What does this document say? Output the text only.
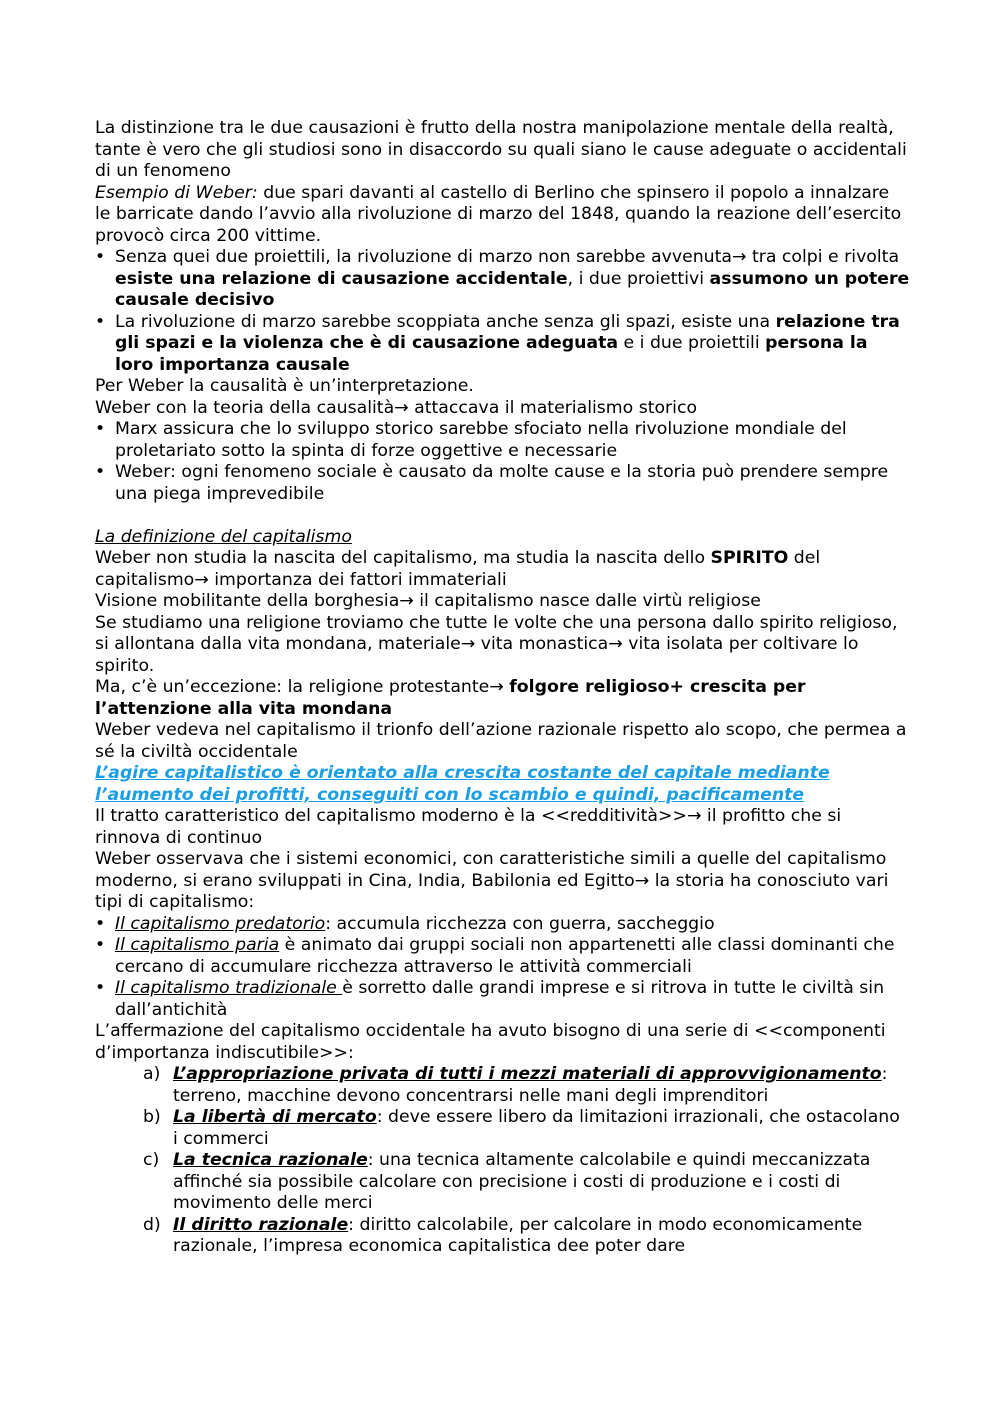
La distinzione tra le due causazioni è frutto della nostra manipolazione mentale della realtà, tante è vero che gli studiosi sono in disaccordo su quali siano le cause adeguate o accidentali di un fenomeno

Esempio di Weber: due spari davanti al castello di Berlino che spinsero il popolo a innalzare le barricate dando l’avvio alla rivoluzione di marzo del 1848, quando la reazione dell’esercito provocò circa 200 vittime.

• Senza quei due proiettili, la rivoluzione di marzo non sarebbe avvenuta→ tra colpi e rivolta esiste una relazione di causazione accidentale, i due proiettivi assumono un potere causale decisivo
• La rivoluzione di marzo sarebbe scoppiata anche senza gli spazi, esiste una relazione tra gli spazi e la violenza che è di causazione adeguata e i due proiettili persona la loro importanza causale

Per Weber la causalità è un’interpretazione.

Weber con la teoria della causalità→ attaccava il materialismo storico

• Marx assicura che lo sviluppo storico sarebbe sfociato nella rivoluzione mondiale del proletariato sotto la spinta di forze oggettive e necessarie
• Weber: ogni fenomeno sociale è causato da molte cause e la storia può prendere sempre una piega imprevedibile

La definizione del capitalismo

Weber non studia la nascita del capitalismo, ma studia la nascita dello SPIRITO del capitalismo→ importanza dei fattori immateriali

Visione mobilitante della borghesia→ il capitalismo nasce dalle virtù religiose

Se studiamo una religione troviamo che tutte le volte che una persona dallo spirito religioso, si allontana dalla vita mondana, materiale→ vita monastica→ vita isolata per coltivare lo spirito.

Ma, c’è un’eccezione: la religione protestante→ folgore religioso+ crescita per l’attenzione alla vita mondana

Weber vedeva nel capitalismo il trionfo dell’azione razionale rispetto alo scopo, che permea a sé la civiltà occidentale

L’agire capitalistico è orientato alla crescita costante del capitale mediante l’aumento dei profitti, conseguiti con lo scambio e quindi, pacificamente

Il tratto caratteristico del capitalismo moderno è la <<redditività>>→ il profitto che si rinnova di continuo

Weber osservava che i sistemi economici, con caratteristiche simili a quelle del capitalismo moderno, si erano sviluppati in Cina, India, Babilonia ed Egitto→ la storia ha conosciuto vari tipi di capitalismo:

• Il capitalismo predatorio: accumula ricchezza con guerra, saccheggio
• Il capitalismo paria è animato dai gruppi sociali non appartenetti alle classi dominanti che cercano di accumulare ricchezza attraverso le attività commerciali
• Il capitalismo tradizionale è sorretto dalle grandi imprese e si ritrova in tutte le civiltà sin dall’antichità

L’affermazione del capitalismo occidentale ha avuto bisogno di una serie di <<componenti d’importanza indiscutibile>>:

a) L’appropriazione privata di tutti i mezzi materiali di approvvigionamento: terreno, macchine devono concentrarsi nelle mani degli imprenditori
b) La libertà di mercato: deve essere libero da limitazioni irrazionali, che ostacolano i commerci
c) La tecnica razionale: una tecnica altamente calcolabile e quindi meccanizzata affinché sia possibile calcolare con precisione i costi di produzione e i costi di movimento delle merci
d) Il diritto razionale: diritto calcolabile, per calcolare in modo economicamente razionale, l’impresa economica capitalistica dee poter dare
